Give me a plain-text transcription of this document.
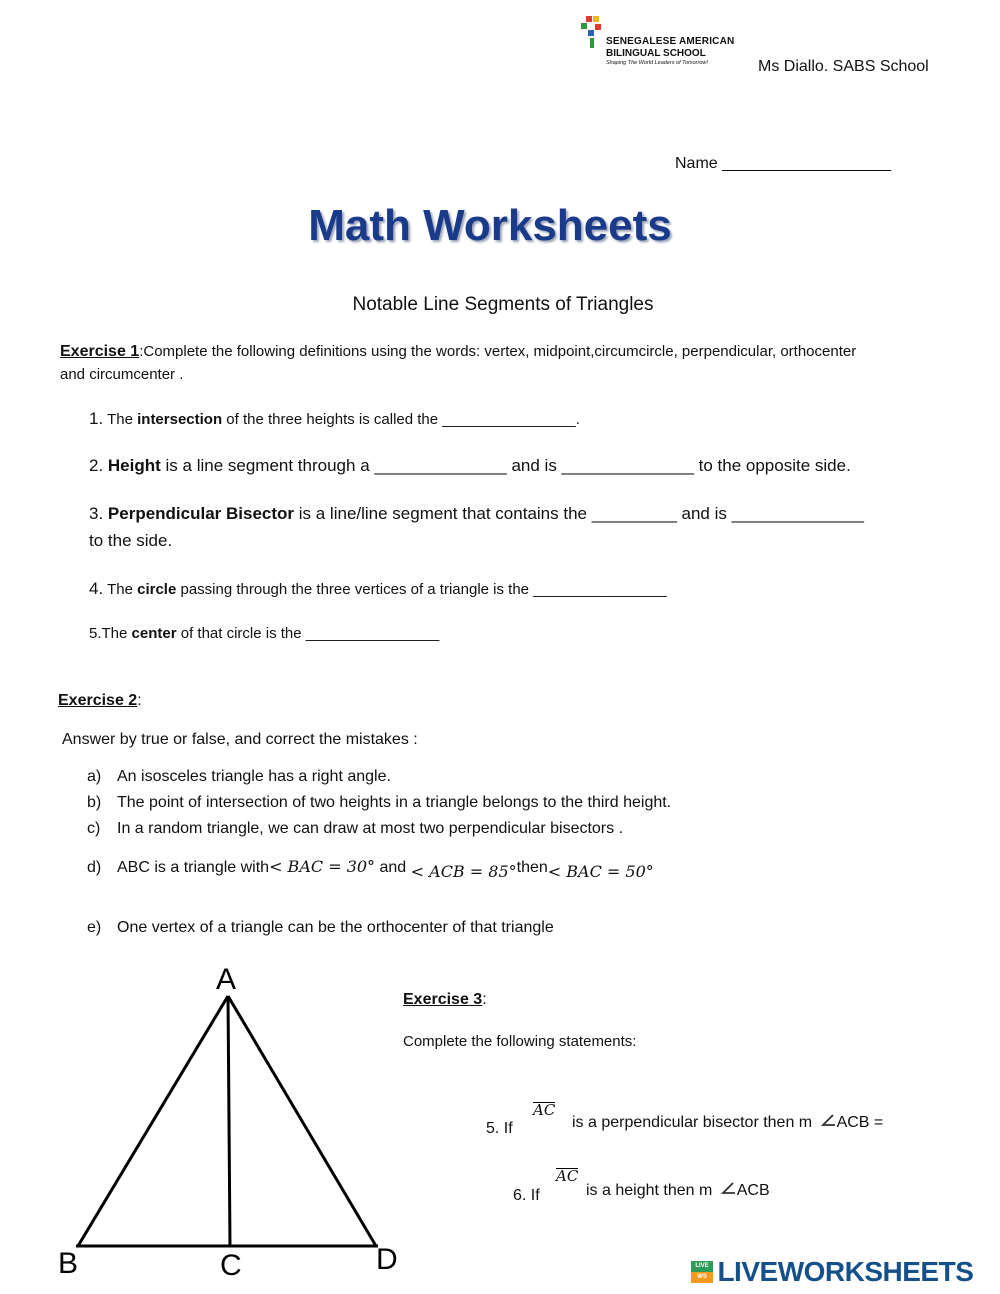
SENEGALESE AMERICAN
BILINGUAL SCHOOL
Shaping The World Leaders of Tomorrow!	Ms Diallo. SABS School
Name ___________________
Math Worksheets
Notable Line Segments of Triangles
Exercise 1:Complete the following definitions using the words: vertex, midpoint,circumcircle, perpendicular, orthocenter
and circumcenter .
1. The intersection of the three heights is called the ________________.
2. Height is a line segment through a ______________ and is ______________ to the opposite side.
3. Perpendicular Bisector is a line/line segment that contains the _________ and is ______________
to the side.
4. The circle passing through the three vertices of a triangle is the ________________
5.The center of that circle is the ________________
Exercise 2:
Answer by true or false, and correct the mistakes :
a) An isosceles triangle has a right angle.
b) The point of intersection of two heights in a triangle belongs to the third height.
c) In a random triangle, we can draw at most two perpendicular bisectors .
d) ABC is a triangle with< BAC = 30° and < ACB = 85°then< BAC = 50°
e) One vertex of a triangle can be the orthocenter of that triangle
A
B	C	D
Exercise 3:
Complete the following statements:
5. If
AC
is a perpendicular bisector then m ACB =
6. If
AC
is a height then m ACB
LIVE
WS LIVEWORKSHEETS
